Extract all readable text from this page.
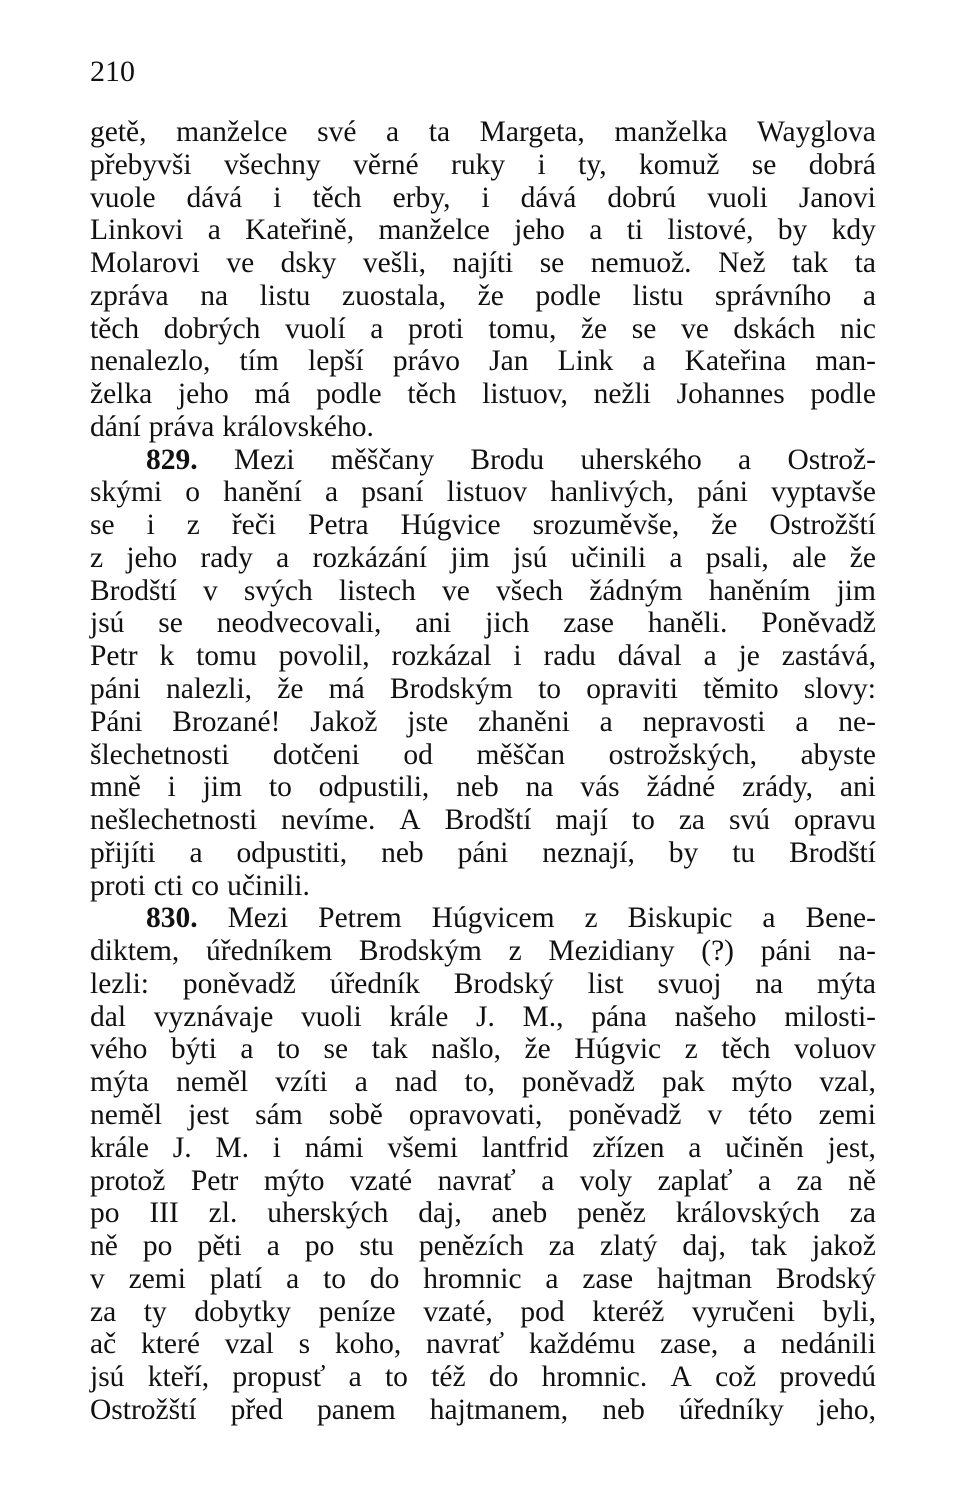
210
getě, manželce své a ta Margeta, manželka Wayglova
přebyvši všechny věrné ruky i ty, komuž se dobrá
vuole dává i těch erby, i dává dobrú vuoli Janovi
Linkovi a Kateřině, manželce jeho a ti listové, by kdy
Molarovi ve dsky vešli, najíti se nemuož. Než tak ta
zpráva na listu zuostala, že podle listu správního a
těch dobrých vuolí a proti tomu, že se ve dskách nic
nenalezlo, tím lepší právo Jan Link a Kateřina man-
želka jeho má podle těch listuov, nežli Johannes podle
dání práva královského.
829. Mezi měščany Brodu uherského a Ostrož-
skými o hanění a psaní listuov hanlivých, páni vyptavše
se i z řeči Petra Húgvice srozuměvše, že Ostrožští
z jeho rady a rozkázání jim jsú učinili a psali, ale že
Brodští v svých listech ve všech žádným haněním jim
jsú se neodvecovali, ani jich zase haněli. Poněvadž
Petr k tomu povolil, rozkázal i radu dával a je zastává,
páni nalezli, že má Brodským to opraviti těmito slovy:
Páni Brozané! Jakož jste zhaněni a nepravosti a ne-
šlechetnosti dotčeni od měščan ostrožských, abyste
mně i jim to odpustili, neb na vás žádné zrády, ani
nešlechetnosti nevíme. A Brodští mají to za svú opravu
přijíti a odpustiti, neb páni neznají, by tu Brodští
proti cti co učinili.
830. Mezi Petrem Húgvicem z Biskupic a Bene-
diktem, úředníkem Brodským z Mezidiany (?) páni na-
lezli: poněvadž úředník Brodský list svuoj na mýta
dal vyznávaje vuoli krále J. M., pána našeho milosti-
vého býti a to se tak našlo, že Húgvic z těch voluov
mýta neměl vzíti a nad to, poněvadž pak mýto vzal,
neměl jest sám sobě opravovati, poněvadž v této zemi
krále J. M. i námi všemi lantfrid zřízen a učiněn jest,
protož Petr mýto vzaté navrať a voly zaplať a za ně
po III zl. uherských daj, aneb peněz královských za
ně po pěti a po stu penězích za zlatý daj, tak jakož
v zemi platí a to do hromnic a zase hajtman Brodský
za ty dobytky peníze vzaté, pod kteréž vyručeni byli,
ač které vzal s koho, navrať každému zase, a nedánili
jsú kteří, propusť a to též do hromnic. A což provedú
Ostrožští před panem hajtmanem, neb úředníky jeho,
